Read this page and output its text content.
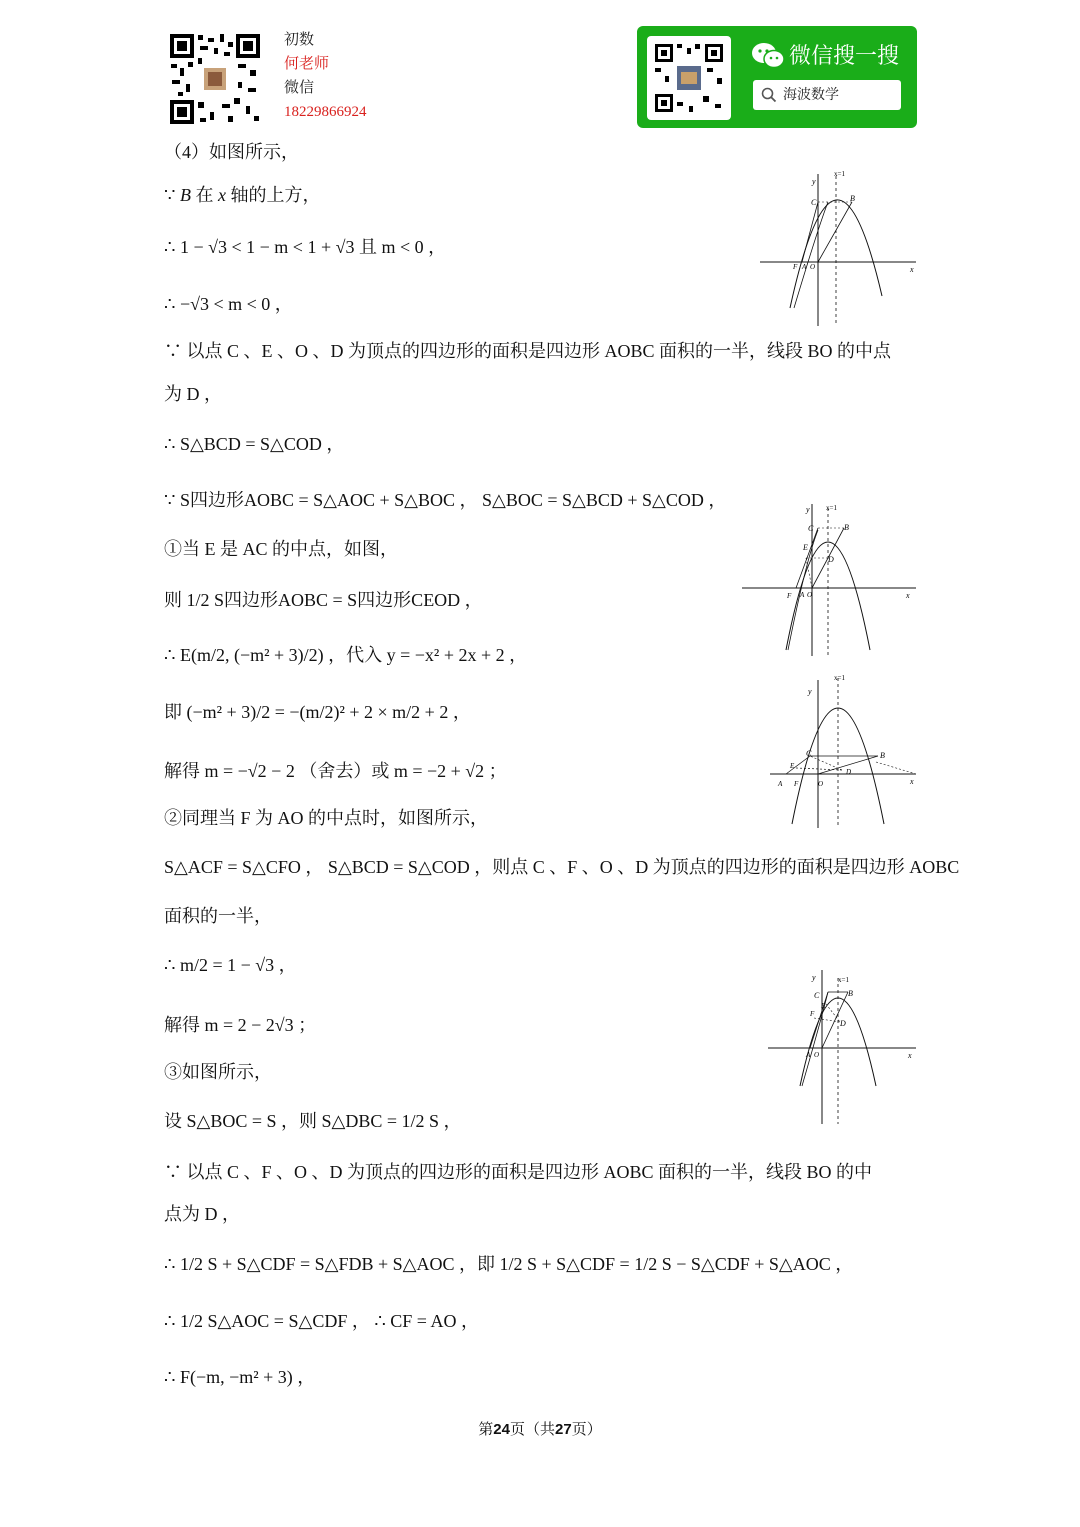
初数
何老师
微信
18229866924
微信搜一搜
海波数学
（4）如图所示，
∵ B 在 x 轴的上方，
∴ 1 − √3 < 1 − m < 1 + √3 且 m < 0 ，
∴ −√3 < m < 0 ，
∵ 以点 C 、E 、O 、D 为顶点的四边形的面积是四边形 AOBC 面积的一半，线段 BO 的中点
为 D ，
∴ S△BCD = S△COD ，
∵ S四边形AOBC = S△AOC + S△BOC ， S△BOC = S△BCD + S△COD ，
①当 E 是 AC 的中点，如图，
则 1/2 S四边形AOBC = S四边形CEOD ，
∴ E(m/2, (−m² + 3)/2) ，代入 y = −x² + 2x + 2 ，
即 (−m² + 3)/2 = −(m/2)² + 2 × m/2 + 2 ，
解得 m = −√2 − 2 （舍去）或 m = −2 + √2 ；
②同理当 F 为 AO 的中点时，如图所示，
S△ACF = S△CFO ， S△BCD = S△COD ，则点 C 、F 、O 、D 为顶点的四边形的面积是四边形 AOBC
面积的一半，
∴ m/2 = 1 − √3 ，
解得 m = 2 − 2√3 ；
③如图所示，
设 S△BOC = S ，则 S△DBC = 1/2 S ，
∵ 以点 C 、F 、O 、D 为顶点的四边形的面积是四边形 AOBC 面积的一半，线段 BO 的中
点为 D ，
∴ 1/2 S + S△CDF = S△FDB + S△AOC ，即 1/2 S + S△CDF = 1/2 S − S△CDF + S△AOC ，
∴ 1/2 S△AOC = S△CDF ， ∴ CF = AO ，
∴ F(−m, −m² + 3) ，
y
x
x=1
C	B
F A O
y
x
x=1
C
E
B
D
F A O
y
x
x=1
C	B
E
D
A F	O
y
x
x=1
C
E
F
B
D
A O
第24页（共27页）
